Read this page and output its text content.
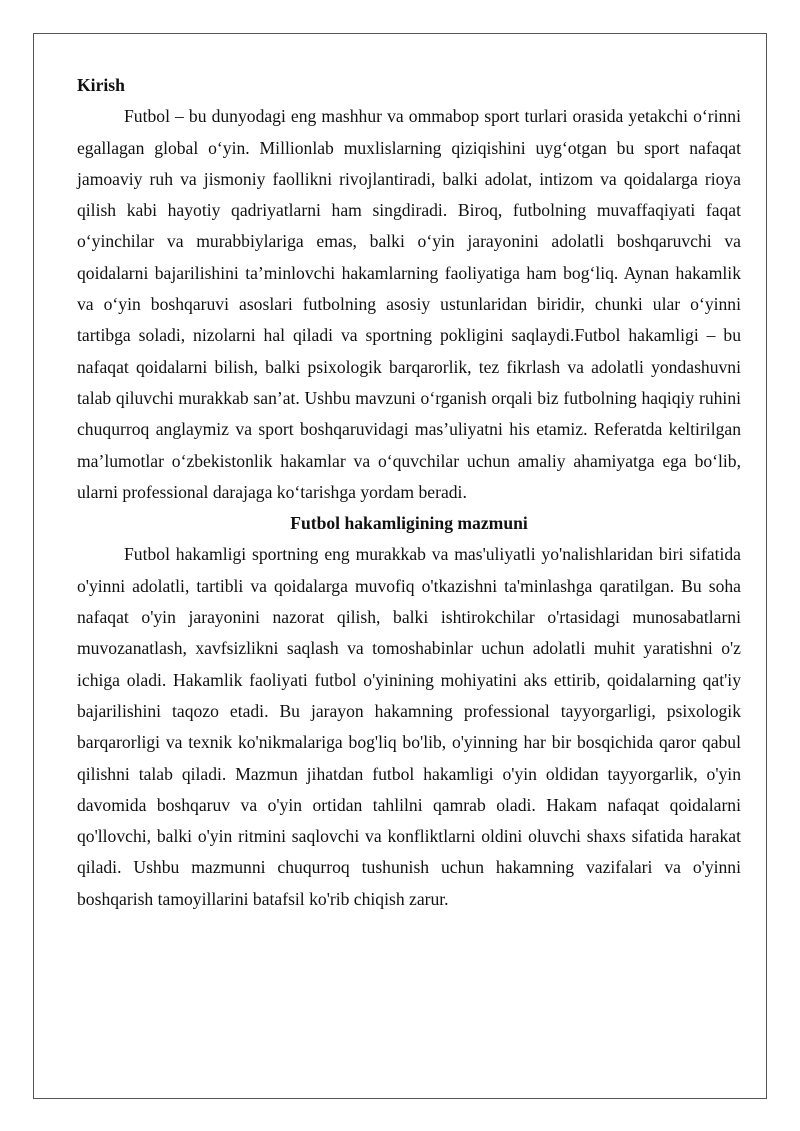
Kirish

Futbol – bu dunyodagi eng mashhur va ommabop sport turlari orasida yetakchi o‘rinni egallagan global o‘yin. Millionlab muxlislarning qiziqishini uyg‘otgan bu sport nafaqat jamoaviy ruh va jismoniy faollikni rivojlantiradi, balki adolat, intizom va qoidalarga rioya qilish kabi hayotiy qadriyatlarni ham singdiradi. Biroq, futbolning muvaffaqiyati faqat o‘yinchilar va murabbiylariga emas, balki o‘yin jarayonini adolatli boshqaruvchi va qoidalarni bajarilishini ta’minlovchi hakamlarning faoliyatiga ham bog‘liq. Aynan hakamlik va o‘yin boshqaruvi asoslari futbolning asosiy ustunlaridan biridir, chunki ular o‘yinni tartibga soladi, nizolarni hal qiladi va sportning pokligini saqlaydi.Futbol hakamligi – bu nafaqat qoidalarni bilish, balki psixologik barqarorlik, tez fikrlash va adolatli yondashuvni talab qiluvchi murakkab san’at. Ushbu mavzuni o‘rganish orqali biz futbolning haqiqiy ruhini chuqurroq anglaymiz va sport boshqaruvidagi mas’uliyatni his etamiz. Referatda keltirilgan ma’lumotlar o‘zbekistonlik hakamlar va o‘quvchilar uchun amaliy ahamiyatga ega bo‘lib, ularni professional darajaga ko‘tarishga yordam beradi.

Futbol hakamligining mazmuni

Futbol hakamligi sportning eng murakkab va mas'uliyatli yo'nalishlaridan biri sifatida o'yinni adolatli, tartibli va qoidalarga muvofiq o'tkazishni ta'minlashga qaratilgan. Bu soha nafaqat o'yin jarayonini nazorat qilish, balki ishtirokchilar o'rtasidagi munosabatlarni muvozanatlash, xavfsizlikni saqlash va tomoshabinlar uchun adolatli muhit yaratishni o'z ichiga oladi. Hakamlik faoliyati futbol o'yinining mohiyatini aks ettirib, qoidalarning qat'iy bajarilishini taqozo etadi. Bu jarayon hakamning professional tayyorgarligi, psixologik barqarorligi va texnik ko'nikmalariga bog'liq bo'lib, o'yinning har bir bosqichida qaror qabul qilishni talab qiladi. Mazmun jihatdan futbol hakamligi o'yin oldidan tayyorgarlik, o'yin davomida boshqaruv va o'yin ortidan tahlilni qamrab oladi. Hakam nafaqat qoidalarni qo'llovchi, balki o'yin ritmini saqlovchi va konfliktlarni oldini oluvchi shaxs sifatida harakat qiladi. Ushbu mazmunni chuqurroq tushunish uchun hakamning vazifalari va o'yinni boshqarish tamoyillarini batafsil ko'rib chiqish zarur.
